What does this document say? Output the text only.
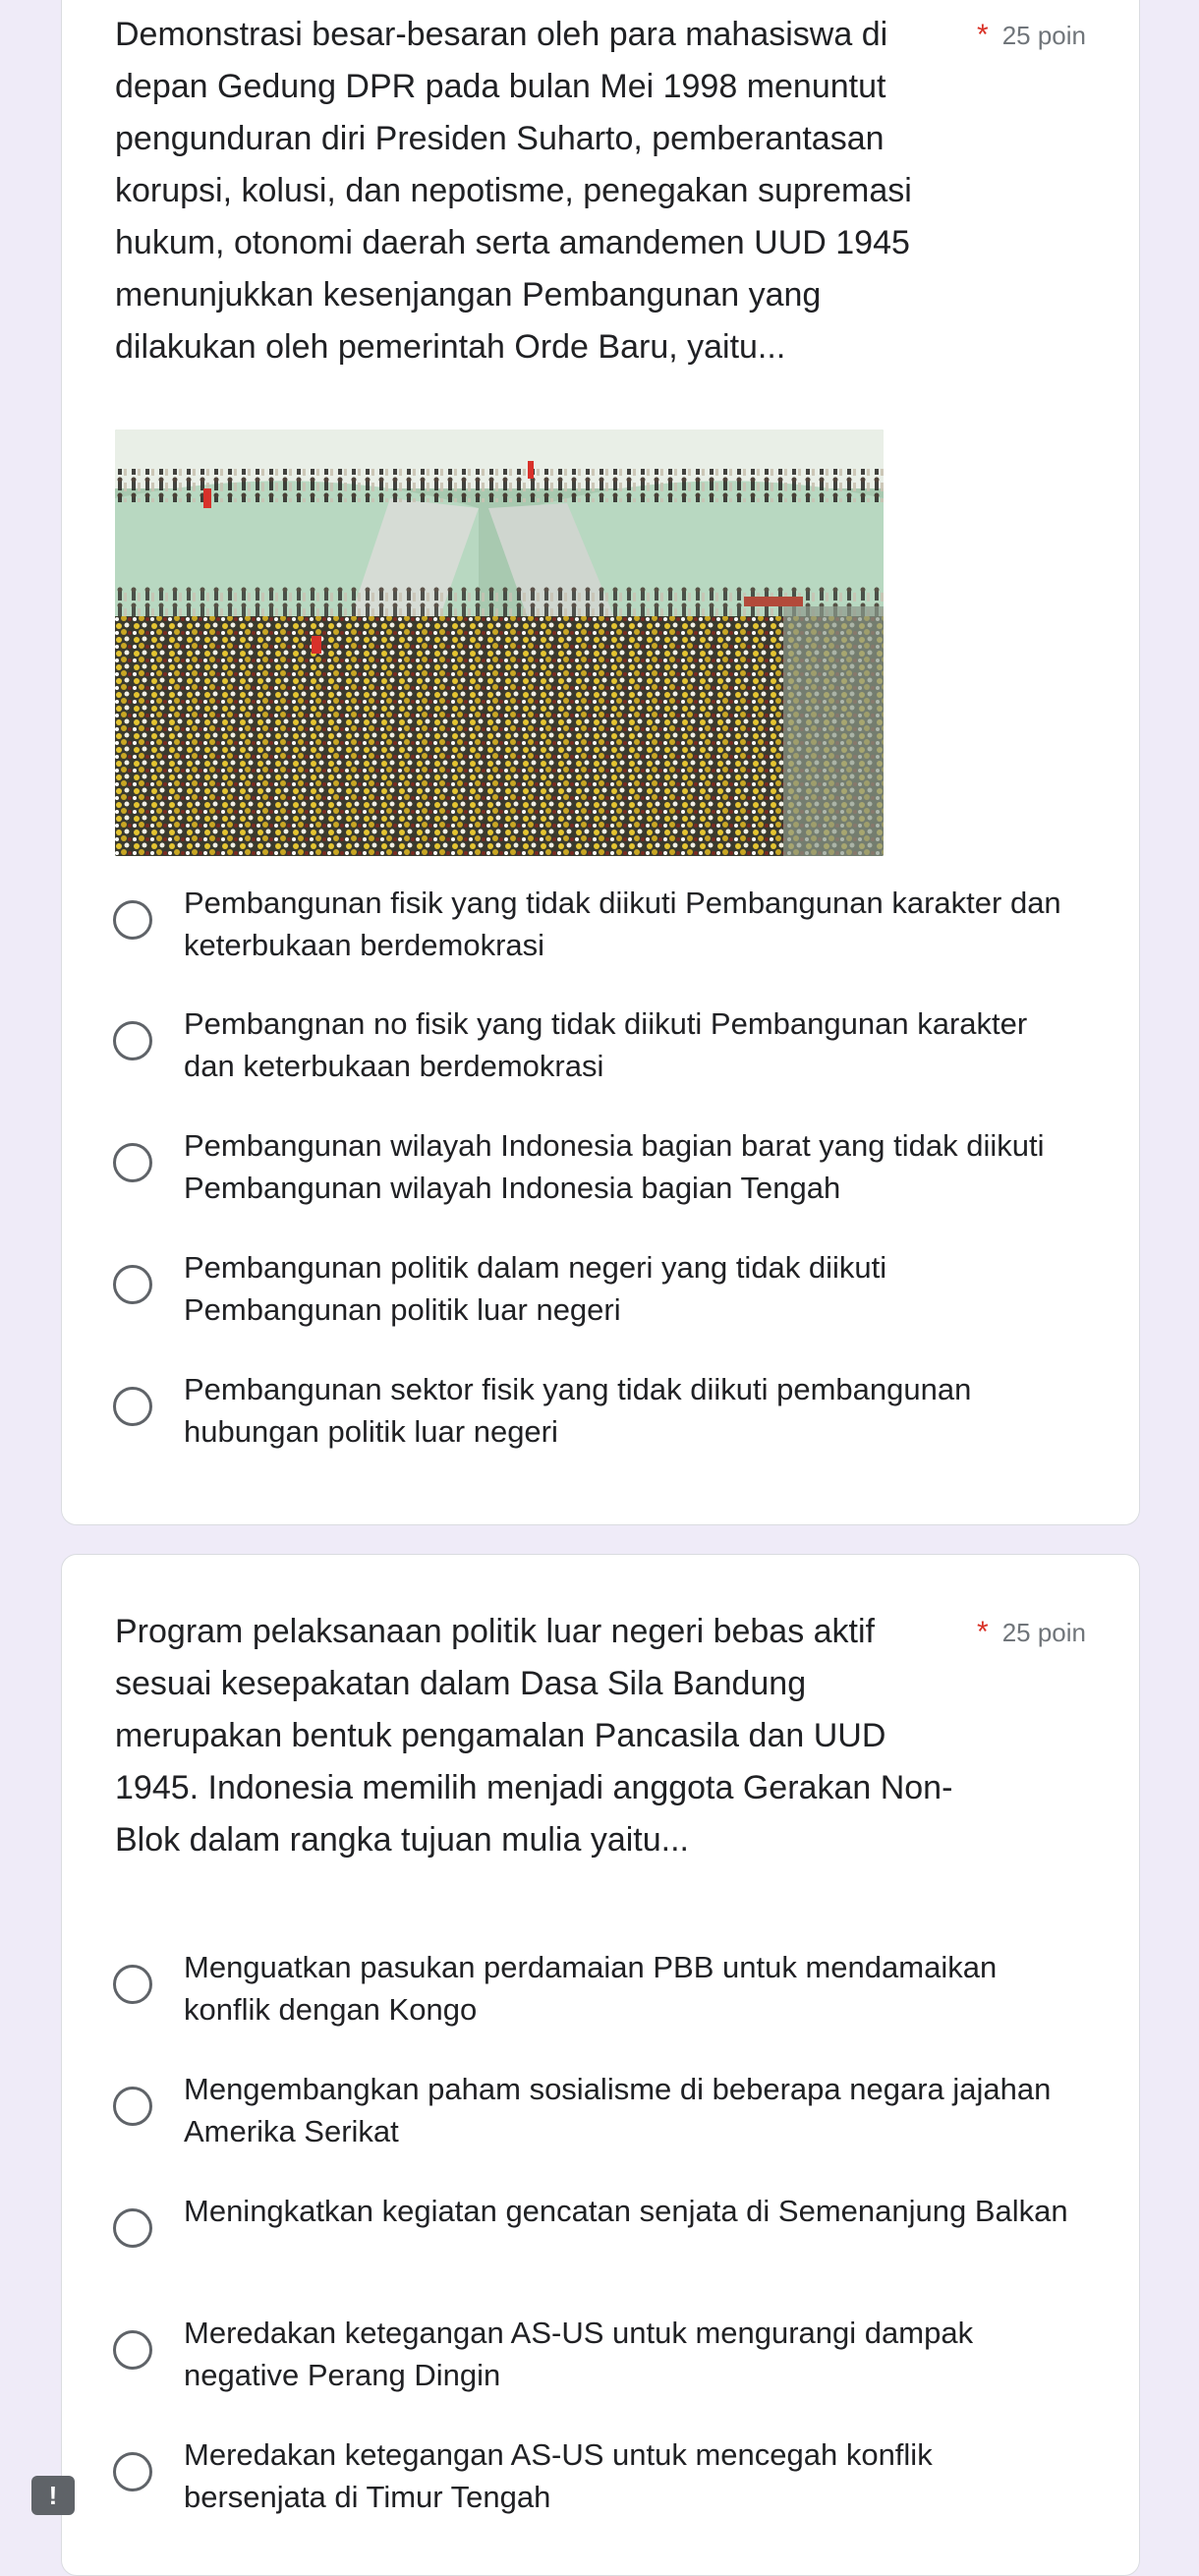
Demonstrasi besar-besaran oleh para mahasiswa di depan Gedung DPR pada bulan Mei 1998 menuntut pengunduran diri Presiden Suharto, pemberantasan korupsi, kolusi, dan nepotisme, penegakan supremasi hukum, otonomi daerah serta amandemen UUD 1945 menunjukkan kesenjangan Pembangunan yang dilakukan oleh pemerintah Orde Baru, yaitu...

* 25 poin
Pembangunan fisik yang tidak diikuti Pembangunan karakter dan keterbukaan berdemokrasi
Pembangnan no fisik yang tidak diikuti Pembangunan karakter dan keterbukaan berdemokrasi
Pembangunan wilayah Indonesia bagian barat yang tidak diikuti Pembangunan wilayah Indonesia bagian Tengah
Pembangunan politik dalam negeri yang tidak diikuti Pembangunan politik luar negeri
Pembangunan sektor fisik yang tidak diikuti pembangunan hubungan politik luar negeri

Program pelaksanaan politik luar negeri bebas aktif sesuai kesepakatan dalam Dasa Sila Bandung merupakan bentuk pengamalan Pancasila dan UUD 1945. Indonesia memilih menjadi anggota Gerakan Non-Blok dalam rangka tujuan mulia yaitu...

* 25 poin
Menguatkan pasukan perdamaian PBB untuk mendamaikan konflik dengan Kongo
Mengembangkan paham sosialisme di beberapa negara jajahan Amerika Serikat
Meningkatkan kegiatan gencatan senjata di Semenanjung Balkan
Meredakan ketegangan AS-US untuk mengurangi dampak negative Perang Dingin
Meredakan ketegangan AS-US untuk mencegah konflik bersenjata di Timur Tengah
!
